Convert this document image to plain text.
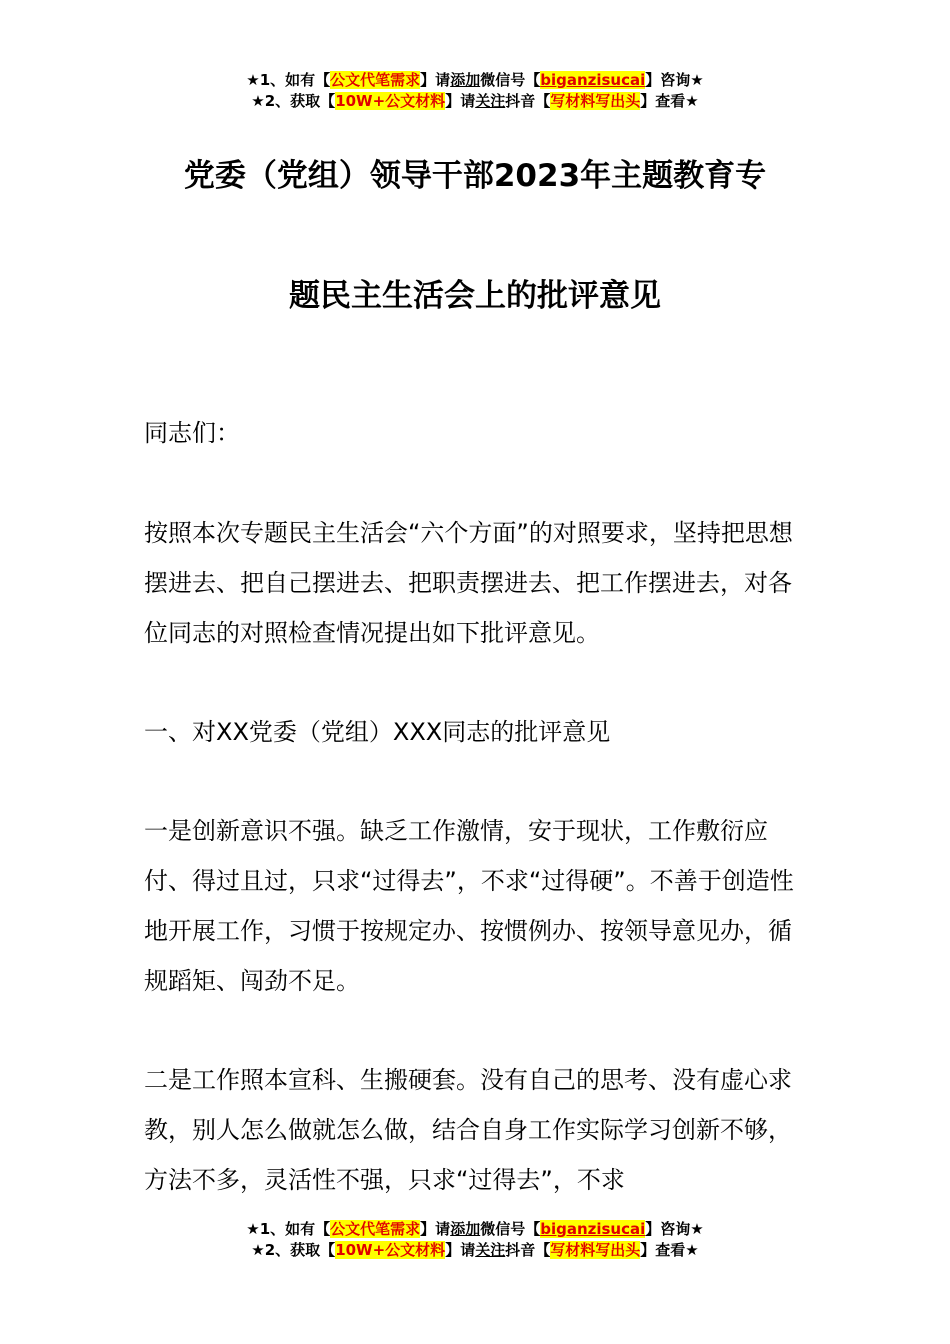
★1、如有【公文代笔需求】请添加微信号【biganzisucai】咨询★
★2、获取【10W+公文材料】请关注抖音【写材料写出头】查看★
党委（党组）领导干部2023年主题教育专
题民主生活会上的批评意见

同志们：

按照本次专题民主生活会“六个方面”的对照要求，坚持把思想摆进去、把自己摆进去、把职责摆进去、把工作摆进去，对各位同志的对照检查情况提出如下批评意见。

一、对XX党委（党组）XXX同志的批评意见

一是创新意识不强。缺乏工作激情，安于现状，工作敷衍应付、得过且过，只求“过得去”，不求“过得硬”。不善于创造性地开展工作，习惯于按规定办、按惯例办、按领导意见办，循规蹈矩、闯劲不足。

二是工作照本宣科、生搬硬套。没有自己的思考、没有虚心求教，别人怎么做就怎么做，结合自身工作实际学习创新不够，方法不多，灵活性不强，只求“过得去”，不求

★1、如有【公文代笔需求】请添加微信号【biganzisucai】咨询★
★2、获取【10W+公文材料】请关注抖音【写材料写出头】查看★
